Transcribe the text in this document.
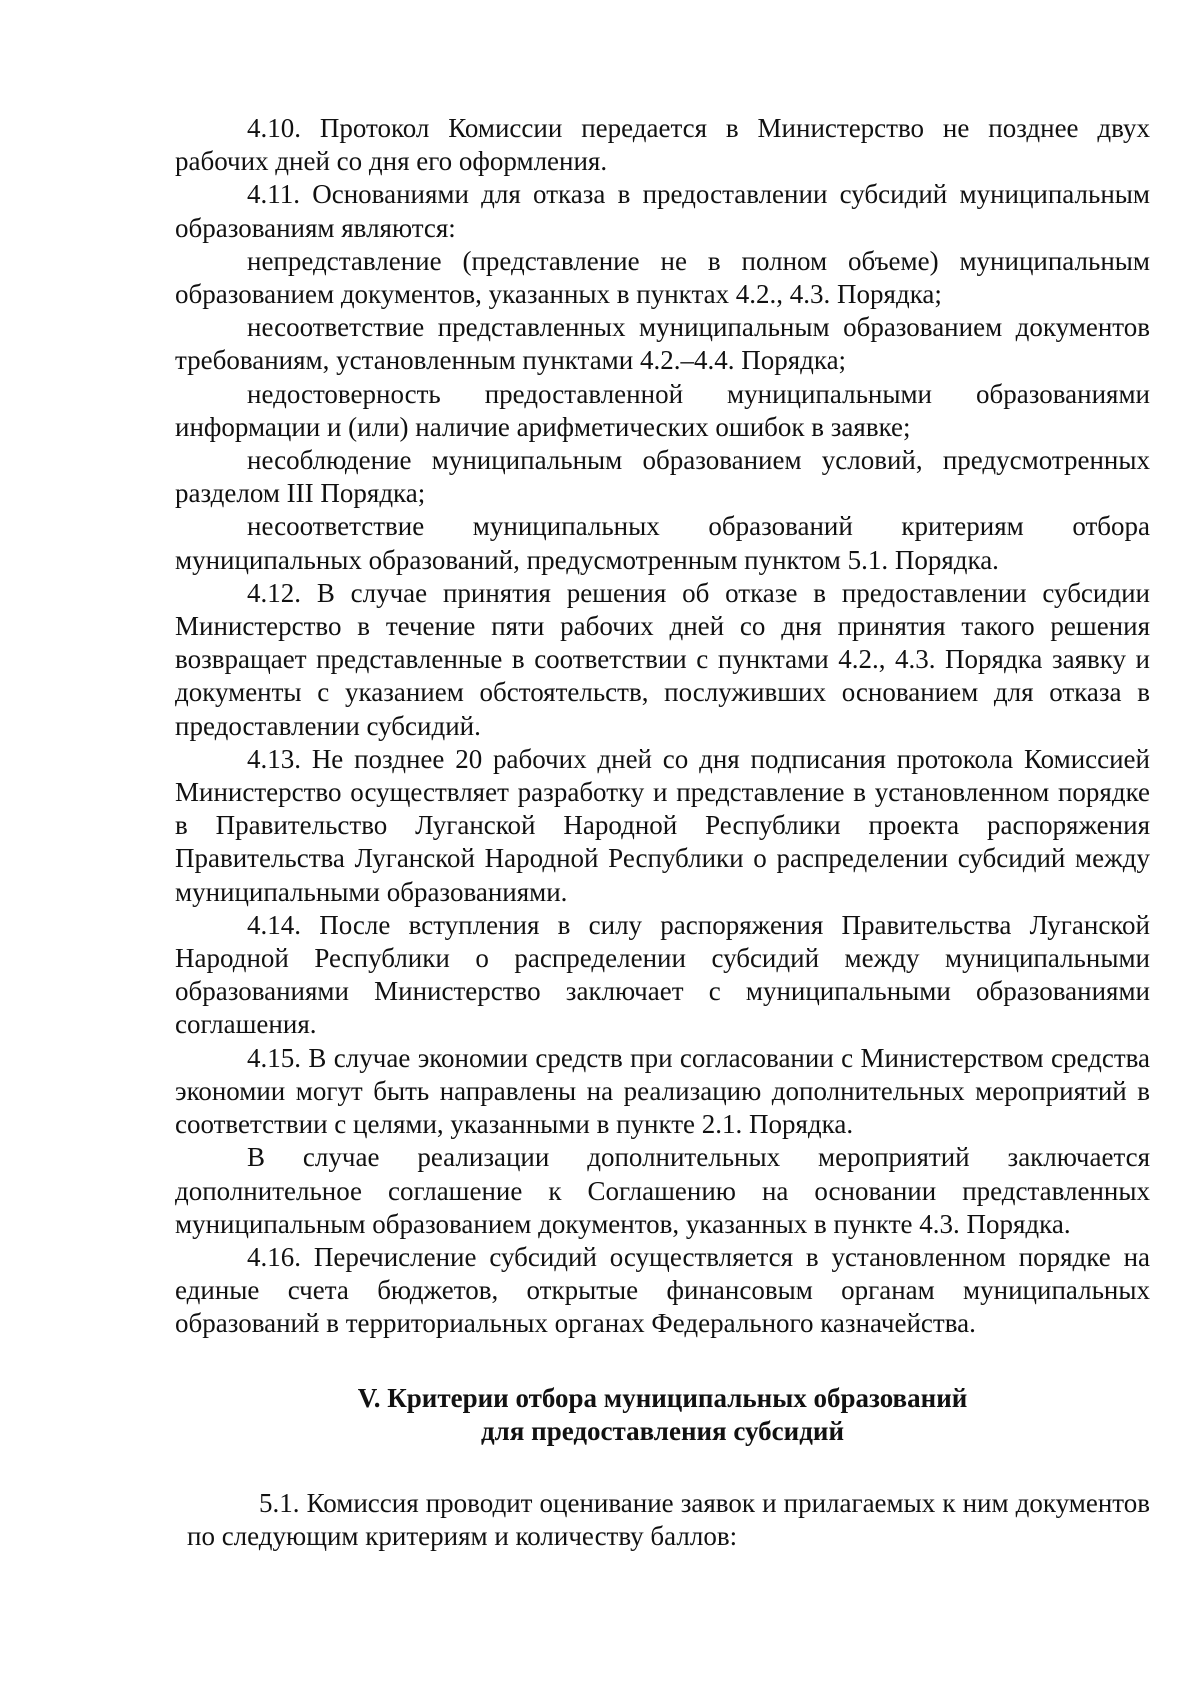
4.10. Протокол Комиссии передается в Министерство не позднее двух рабочих дней со дня его оформления.

4.11. Основаниями для отказа в предоставлении субсидий муниципальным образованиям являются:

непредставление (представление не в полном объеме) муниципальным образованием документов, указанных в пунктах 4.2., 4.3. Порядка;

несоответствие представленных муниципальным образованием документов требованиям, установленным пунктами 4.2.–4.4. Порядка;

недостоверность предоставленной муниципальными образованиями информации и (или) наличие арифметических ошибок в заявке;

несоблюдение муниципальным образованием условий, предусмотренных разделом III Порядка;

несоответствие муниципальных образований критериям отбора муниципальных образований, предусмотренным пунктом 5.1. Порядка.

4.12. В случае принятия решения об отказе в предоставлении субсидии Министерство в течение пяти рабочих дней со дня принятия такого решения возвращает представленные в соответствии с пунктами 4.2., 4.3. Порядка заявку и документы с указанием обстоятельств, послуживших основанием для отказа в предоставлении субсидий.

4.13. Не позднее 20 рабочих дней со дня подписания протокола Комиссией Министерство осуществляет разработку и представление в установленном порядке в Правительство Луганской Народной Республики проекта распоряжения Правительства Луганской Народной Республики о распределении субсидий между муниципальными образованиями.

4.14. После вступления в силу распоряжения Правительства Луганской Народной Республики о распределении субсидий между муниципальными образованиями Министерство заключает с муниципальными образованиями соглашения.

4.15. В случае экономии средств при согласовании с Министерством средства экономии могут быть направлены на реализацию дополнительных мероприятий в соответствии с целями, указанными в пункте 2.1. Порядка.

В случае реализации дополнительных мероприятий заключается дополнительное соглашение к Соглашению на основании представленных муниципальным образованием документов, указанных в пункте 4.3. Порядка.

4.16. Перечисление субсидий осуществляется в установленном порядке на единые счета бюджетов, открытые финансовым органам муниципальных образований в территориальных органах Федерального казначейства.

V. Критерии отбора муниципальных образований
для предоставления субсидий

5.1. Комиссия проводит оценивание заявок и прилагаемых к ним документов по следующим критериям и количеству баллов:
